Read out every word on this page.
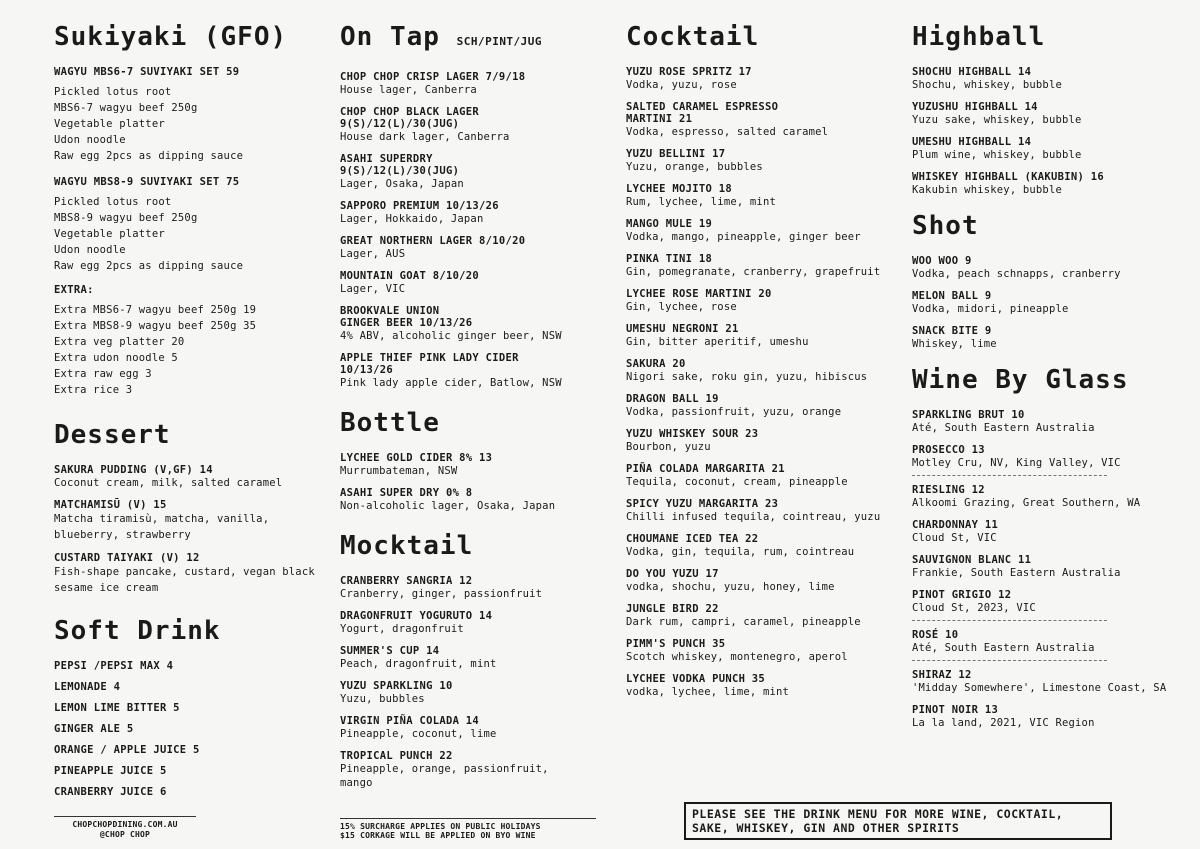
Sukiyaki (GFO)
WAGYU MBS6-7 SUVIYAKI SET 59
Pickled lotus root
MBS6-7 wagyu beef 250g
Vegetable platter
Udon noodle
Raw egg 2pcs as dipping sauce
WAGYU MBS8-9 SUVIYAKI SET 75
Pickled lotus root
MBS8-9 wagyu beef 250g
Vegetable platter
Udon noodle
Raw egg 2pcs as dipping sauce
EXTRA:
Extra MBS6-7 wagyu beef 250g 19
Extra MBS8-9 wagyu beef 250g 35
Extra veg platter 20
Extra udon noodle 5
Extra raw egg 3
Extra rice 3
Dessert
SAKURA PUDDING (V,GF) 14
Coconut cream, milk, salted caramel
MATCHAMISŪ (V) 15
Matcha tiramisù, matcha, vanilla, blueberry, strawberry
CUSTARD TAIYAKI (V) 12
Fish-shape pancake, custard, vegan black sesame ice cream
Soft Drink
PEPSI /PEPSI MAX 4
LEMONADE 4
LEMON LIME BITTER 5
GINGER ALE 5
ORANGE / APPLE JUICE 5
PINEAPPLE JUICE 5
CRANBERRY JUICE 6
CHOPCHOPDINING.COM.AU
@CHOP CHOP
On Tap SCH/PINT/JUG
CHOP CHOP CRISP LAGER 7/9/18
House lager, Canberra
CHOP CHOP BLACK LAGER
9(S)/12(L)/30(JUG)
House dark lager, Canberra
ASAHI SUPERDRY
9(S)/12(L)/30(JUG)
Lager, Osaka, Japan
SAPPORO PREMIUM 10/13/26
Lager, Hokkaido, Japan
GREAT NORTHERN LAGER 8/10/20
Lager, AUS
MOUNTAIN GOAT 8/10/20
Lager, VIC
BROOKVALE UNION
GINGER BEER 10/13/26
4% ABV, alcoholic ginger beer, NSW
APPLE THIEF PINK LADY CIDER
10/13/26
Pink lady apple cider, Batlow, NSW
Bottle
LYCHEE GOLD CIDER 8% 13
Murrumbateman, NSW
ASAHI SUPER DRY 0% 8
Non-alcoholic lager, Osaka, Japan
Mocktail
CRANBERRY SANGRIA 12
Cranberry, ginger, passionfruit
DRAGONFRUIT YOGURUTO 14
Yogurt, dragonfruit
SUMMER'S CUP 14
Peach, dragonfruit, mint
YUZU SPARKLING 10
Yuzu, bubbles
VIRGIN PIÑA COLADA 14
Pineapple, coconut, lime
TROPICAL PUNCH 22
Pineapple, orange, passionfruit, mango
15% SURCHARGE APPLIES ON PUBLIC HOLIDAYS
$15 CORKAGE WILL BE APPLIED ON BYO WINE
Cocktail
YUZU ROSE SPRITZ 17
Vodka, yuzu, rose
SALTED CARAMEL ESPRESSO
MARTINI 21
Vodka, espresso, salted caramel
YUZU BELLINI 17
Yuzu, orange, bubbles
LYCHEE MOJITO 18
Rum, lychee, lime, mint
MANGO MULE 19
Vodka, mango, pineapple, ginger beer
PINKA TINI 18
Gin, pomegranate, cranberry, grapefruit
LYCHEE ROSE MARTINI 20
Gin, lychee, rose
UMESHU NEGRONI 21
Gin, bitter aperitif, umeshu
SAKURA 20
Nigori sake, roku gin, yuzu, hibiscus
DRAGON BALL 19
Vodka, passionfruit, yuzu, orange
YUZU WHISKEY SOUR 23
Bourbon, yuzu
PIÑA COLADA MARGARITA 21
Tequila, coconut, cream, pineapple
SPICY YUZU MARGARITA 23
Chilli infused tequila, cointreau, yuzu
CHOUMANE ICED TEA 22
Vodka, gin, tequila, rum, cointreau
DO YOU YUZU 17
vodka, shochu, yuzu, honey, lime
JUNGLE BIRD 22
Dark rum, campri, caramel, pineapple
PIMM'S PUNCH 35
Scotch whiskey, montenegro, aperol
LYCHEE VODKA PUNCH 35
vodka, lychee, lime, mint
Highball
SHOCHU HIGHBALL 14
Shochu, whiskey, bubble
YUZUSHU HIGHBALL 14
Yuzu sake, whiskey, bubble
UMESHU HIGHBALL 14
Plum wine, whiskey, bubble
WHISKEY HIGHBALL (KAKUBIN) 16
Kakubin whiskey, bubble
Shot
WOO WOO 9
Vodka, peach schnapps, cranberry
MELON BALL 9
Vodka, midori, pineapple
SNACK BITE 9
Whiskey, lime
Wine By Glass
SPARKLING BRUT 10
Até, South Eastern Australia
PROSECCO 13
Motley Cru, NV, King Valley, VIC
RIESLING 12
Alkoomi Grazing, Great Southern, WA
CHARDONNAY 11
Cloud St, VIC
SAUVIGNON BLANC 11
Frankie, South Eastern Australia
PINOT GRIGIO 12
Cloud St, 2023, VIC
ROSÉ 10
Até, South Eastern Australia
SHIRAZ 12
'Midday Somewhere', Limestone Coast, SA
PINOT NOIR 13
La la land, 2021, VIC Region
PLEASE SEE THE DRINK MENU FOR MORE WINE, COCKTAIL, SAKE, WHISKEY, GIN AND OTHER SPIRITS
